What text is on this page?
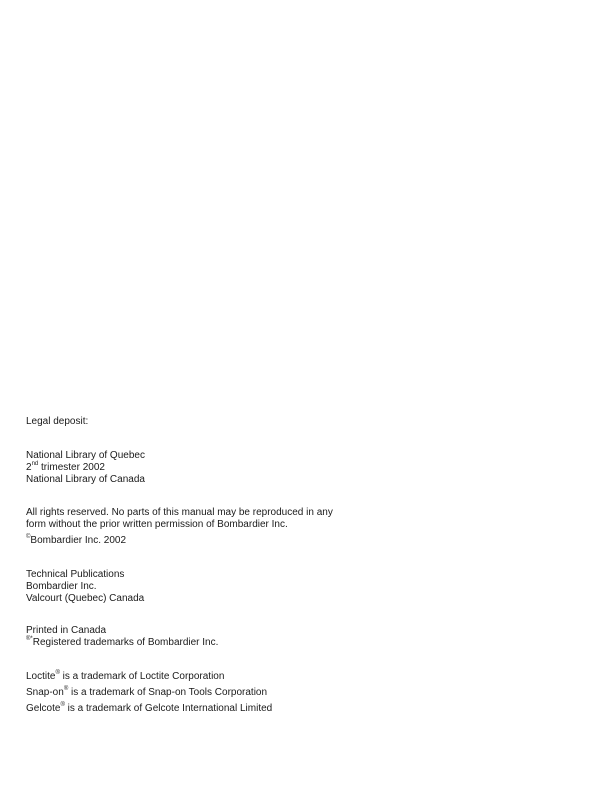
Legal deposit:

National Library of Quebec
2nd trimester 2002
National Library of Canada

All rights reserved. No parts of this manual may be reproduced in any
form without the prior written permission of Bombardier Inc.
©Bombardier Inc. 2002

Technical Publications
Bombardier Inc.
Valcourt (Quebec) Canada

Printed in Canada
®*Registered trademarks of Bombardier Inc.

Loctite® is a trademark of Loctite Corporation
Snap-on® is a trademark of Snap-on Tools Corporation
Gelcote® is a trademark of Gelcote International Limited
